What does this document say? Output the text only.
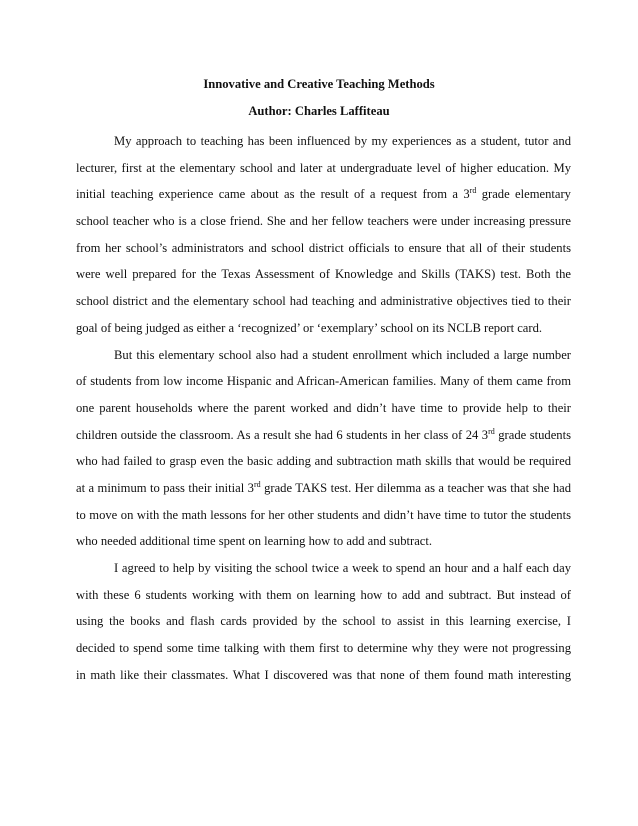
Innovative and Creative Teaching Methods
Author: Charles Laffiteau

My approach to teaching has been influenced by my experiences as a student, tutor and
lecturer, first at the elementary school and later at undergraduate level of higher education. My
initial teaching experience came about as the result of a request from a 3rd grade elementary
school teacher who is a close friend. She and her fellow teachers were under increasing pressure
from her school’s administrators and school district officials to ensure that all of their students
were well prepared for the Texas Assessment of Knowledge and Skills (TAKS) test. Both the
school district and the elementary school had teaching and administrative objectives tied to their
goal of being judged as either a ‘recognized’ or ‘exemplary’ school on its NCLB report card.

But this elementary school also had a student enrollment which included a large number
of students from low income Hispanic and African-American families. Many of them came from
one parent households where the parent worked and didn’t have time to provide help to their
children outside the classroom. As a result she had 6 students in her class of 24 3rd grade students
who had failed to grasp even the basic adding and subtraction math skills that would be required
at a minimum to pass their initial 3rd grade TAKS test. Her dilemma as a teacher was that she had
to move on with the math lessons for her other students and didn’t have time to tutor the students
who needed additional time spent on learning how to add and subtract.

I agreed to help by visiting the school twice a week to spend an hour and a half each day
with these 6 students working with them on learning how to add and subtract. But instead of
using the books and flash cards provided by the school to assist in this learning exercise, I
decided to spend some time talking with them first to determine why they were not progressing
in math like their classmates. What I discovered was that none of them found math interesting
